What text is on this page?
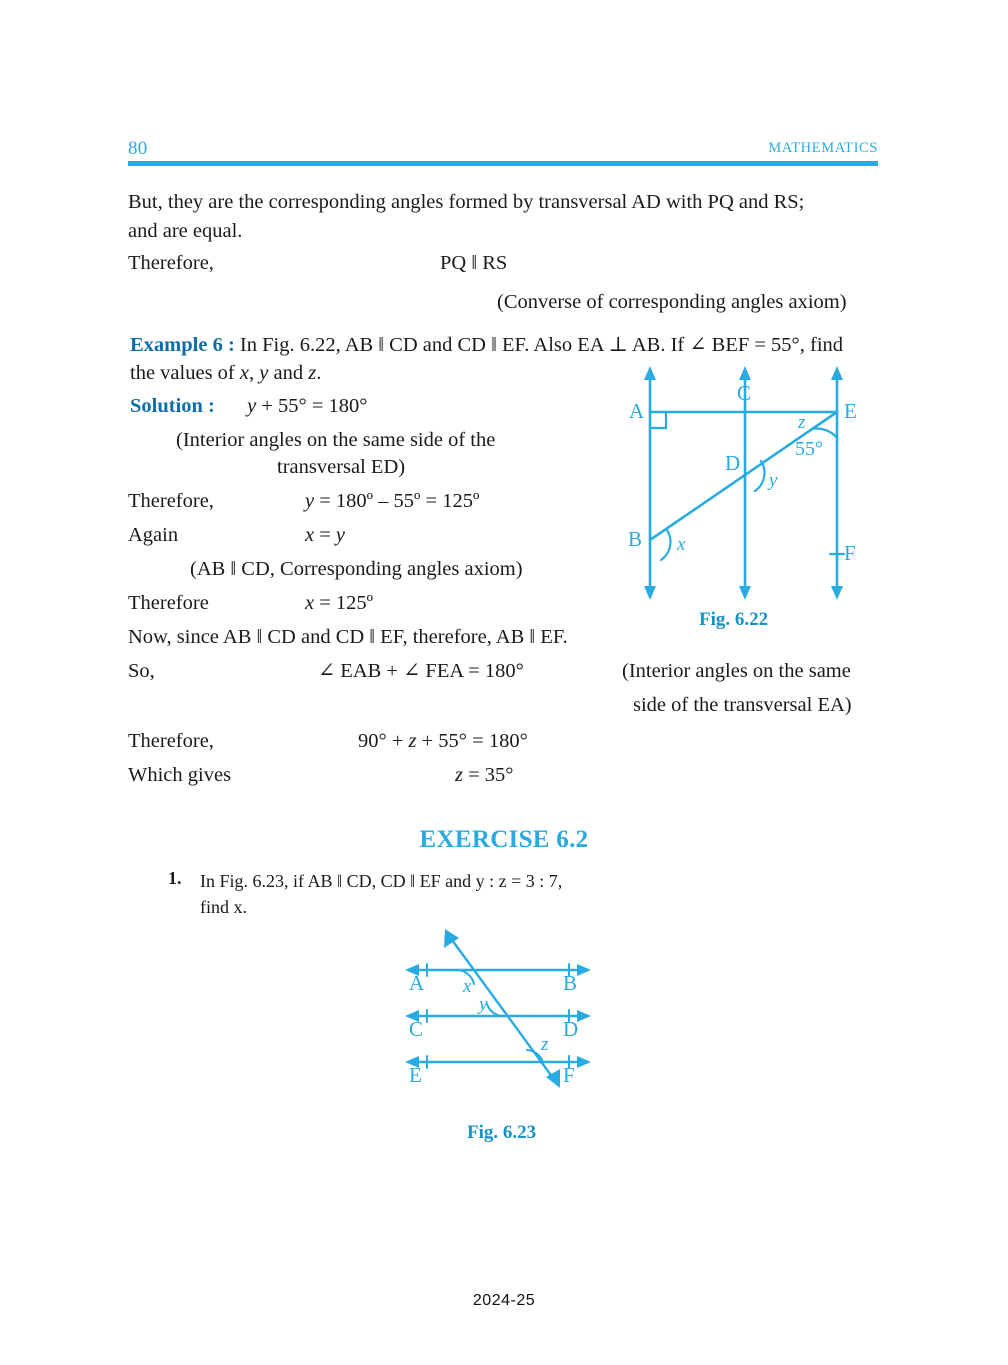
80	MATHEMATICS
But, they are the corresponding angles formed by transversal AD with PQ and RS;
and are equal.
Therefore,	PQ ‖ RS
(Converse of corresponding angles axiom)
Example 6 : In Fig. 6.22, AB ‖ CD and CD ‖ EF. Also EA ⊥ AB. If ∠ BEF = 55°, find
the values of x, y and z.
Solution : y + 55° = 180°
(Interior angles on the same side of the
transversal ED)
Therefore,	y = 180º – 55º = 125º
Again	x = y
(AB ‖ CD, Corresponding angles axiom)
Therefore	x = 125º
Now, since AB ‖ CD and CD ‖ EF, therefore, AB ‖ EF.
So,	∠ EAB + ∠ FEA = 180°	(Interior angles on the same
side of the transversal EA)
Therefore,	90° + z + 55° = 180°
Which gives	z = 35°
A
B
C
D
E
F
x
y
z
55°
Fig. 6.22
EXERCISE 6.2
1. In Fig. 6.23, if AB ‖ CD, CD ‖ EF and y : z = 3 : 7,
find x.
A	B
C	D
E	F
x
y
z
Fig. 6.23
2024-25
